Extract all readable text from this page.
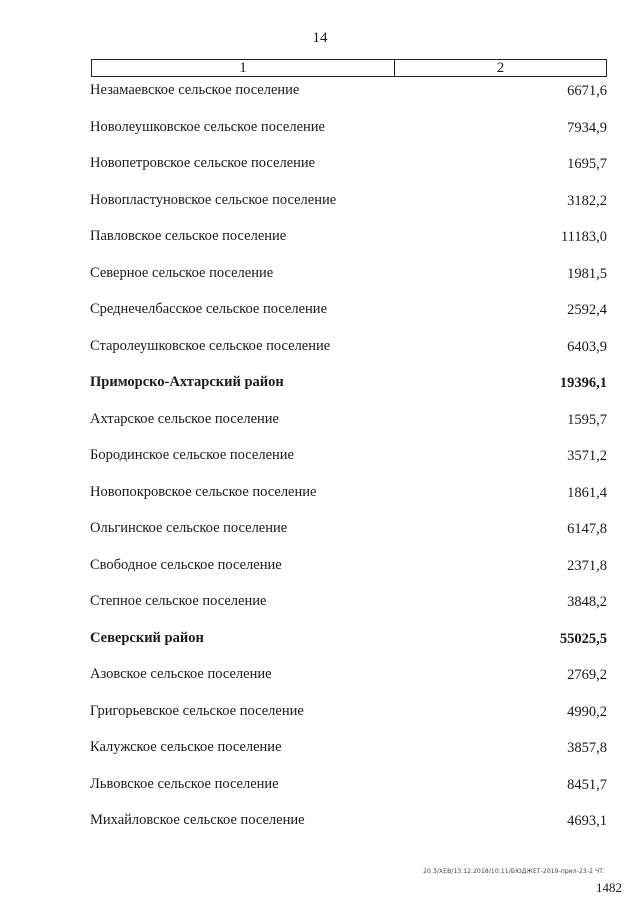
14
1	2
Незамаевское сельское поселение	6671,6
Новолеушковское сельское поселение	7934,9
Новопетровское сельское поселение	1695,7
Новопластуновское сельское поселение	3182,2
Павловское сельское поселение	11183,0
Северное сельское поселение	1981,5
Среднечелбасское сельское поселение	2592,4
Старолеушковское сельское поселение	6403,9
Приморско-Ахтарский район	19396,1
Ахтарское сельское поселение	1595,7
Бородинское сельское поселение	3571,2
Новопокровское сельское поселение	1861,4
Ольгинское сельское поселение	6147,8
Свободное сельское поселение	2371,8
Степное сельское поселение	3848,2
Северский район	55025,5
Азовское сельское поселение	2769,2
Григорьевское сельское поселение	4990,2
Калужское сельское поселение	3857,8
Львовское сельское поселение	8451,7
Михайловское сельское поселение	4693,1
20.3/XEB/13.12.2018/10:11/БЮДЖЕТ-2019-прил-23-2 ЧТ.
1482
